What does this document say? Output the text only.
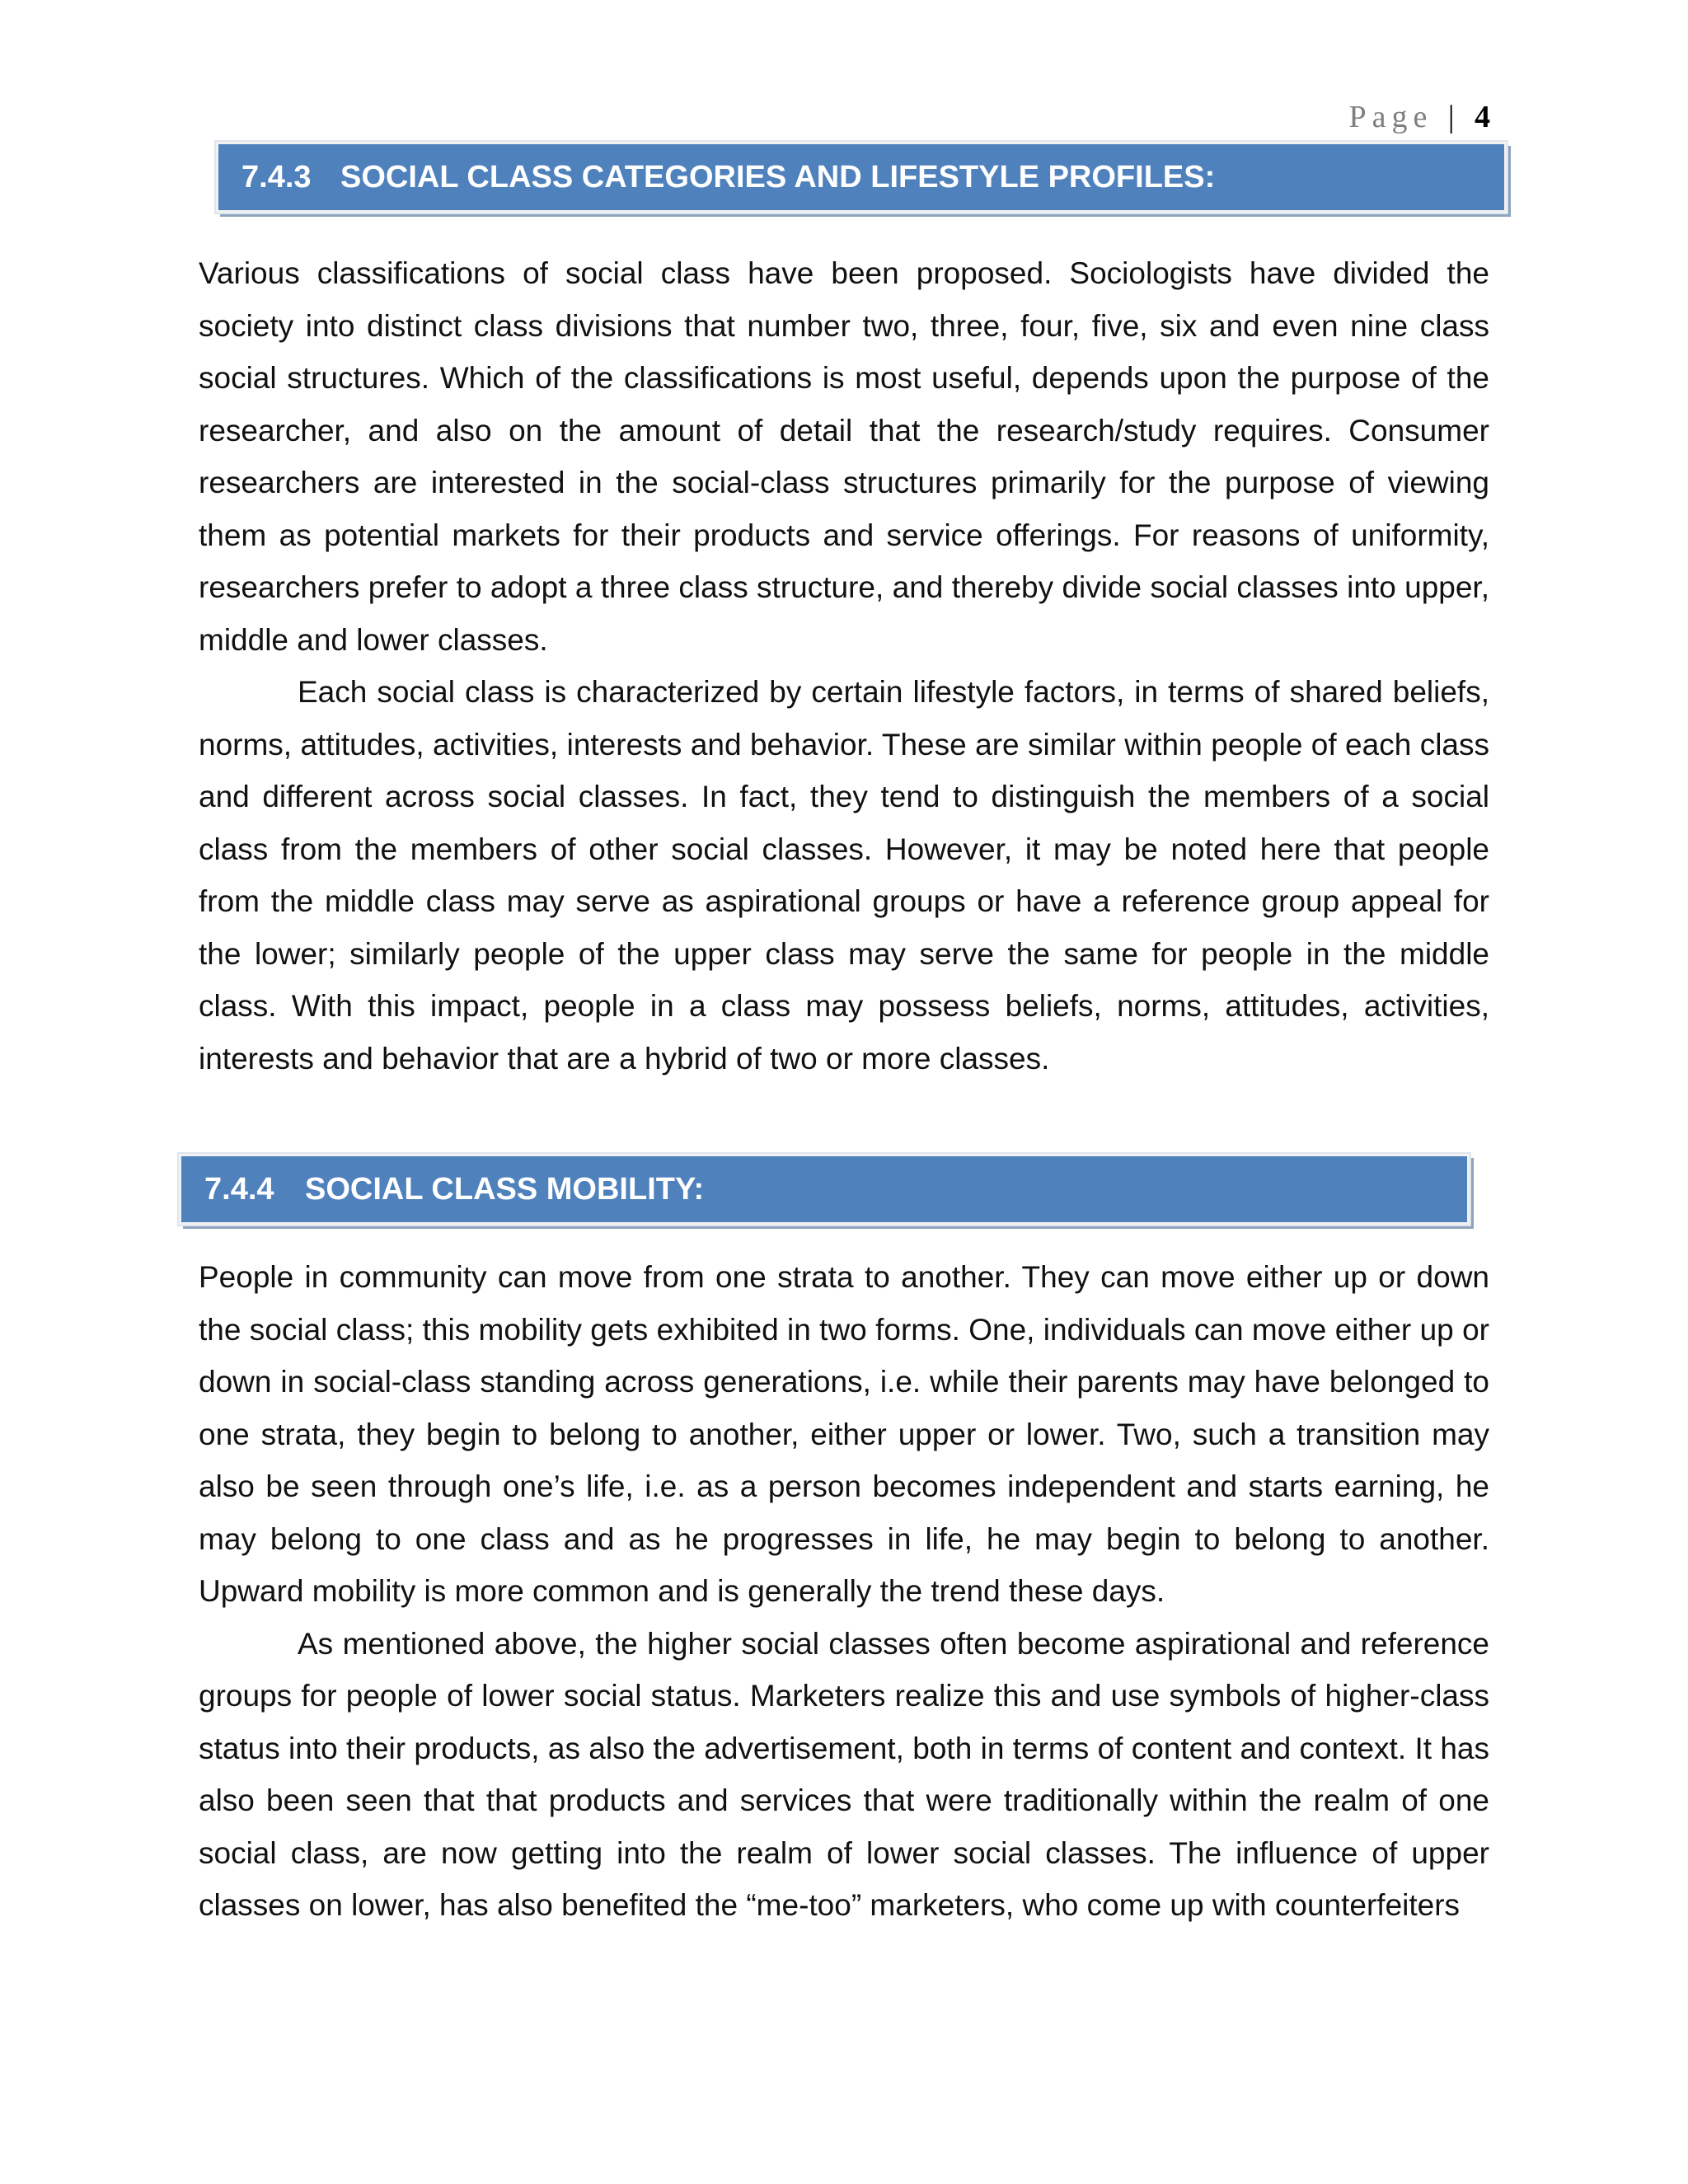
Page | 4
7.4.3 SOCIAL CLASS CATEGORIES AND LIFESTYLE PROFILES:

Various classifications of social class have been proposed. Sociologists have divided the society into distinct class divisions that number two, three, four, five, six and even nine class social structures. Which of the classifications is most useful, depends upon the purpose of the researcher, and also on the amount of detail that the research/study requires. Consumer researchers are interested in the social-class structures primarily for the purpose of viewing them as potential markets for their products and service offerings. For reasons of uniformity, researchers prefer to adopt a three class structure, and thereby divide social classes into upper, middle and lower classes.

Each social class is characterized by certain lifestyle factors, in terms of shared beliefs, norms, attitudes, activities, interests and behavior. These are similar within people of each class and different across social classes. In fact, they tend to distinguish the members of a social class from the members of other social classes. However, it may be noted here that people from the middle class may serve as aspirational groups or have a reference group appeal for the lower; similarly people of the upper class may serve the same for people in the middle class. With this impact, people in a class may possess beliefs, norms, attitudes, activities, interests and behavior that are a hybrid of two or more classes.

7.4.4 SOCIAL CLASS MOBILITY:

People in community can move from one strata to another. They can move either up or down the social class; this mobility gets exhibited in two forms. One, individuals can move either up or down in social-class standing across generations, i.e. while their parents may have belonged to one strata, they begin to belong to another, either upper or lower. Two, such a transition may also be seen through one’s life, i.e. as a person becomes independent and starts earning, he may belong to one class and as he progresses in life, he may begin to belong to another. Upward mobility is more common and is generally the trend these days.

As mentioned above, the higher social classes often become aspirational and reference groups for people of lower social status. Marketers realize this and use symbols of higher-class status into their products, as also the advertisement, both in terms of content and context. It has also been seen that that products and services that were traditionally within the realm of one social class, are now getting into the realm of lower social classes. The influence of upper classes on lower, has also benefited the “me-too” marketers, who come up with counterfeiters
